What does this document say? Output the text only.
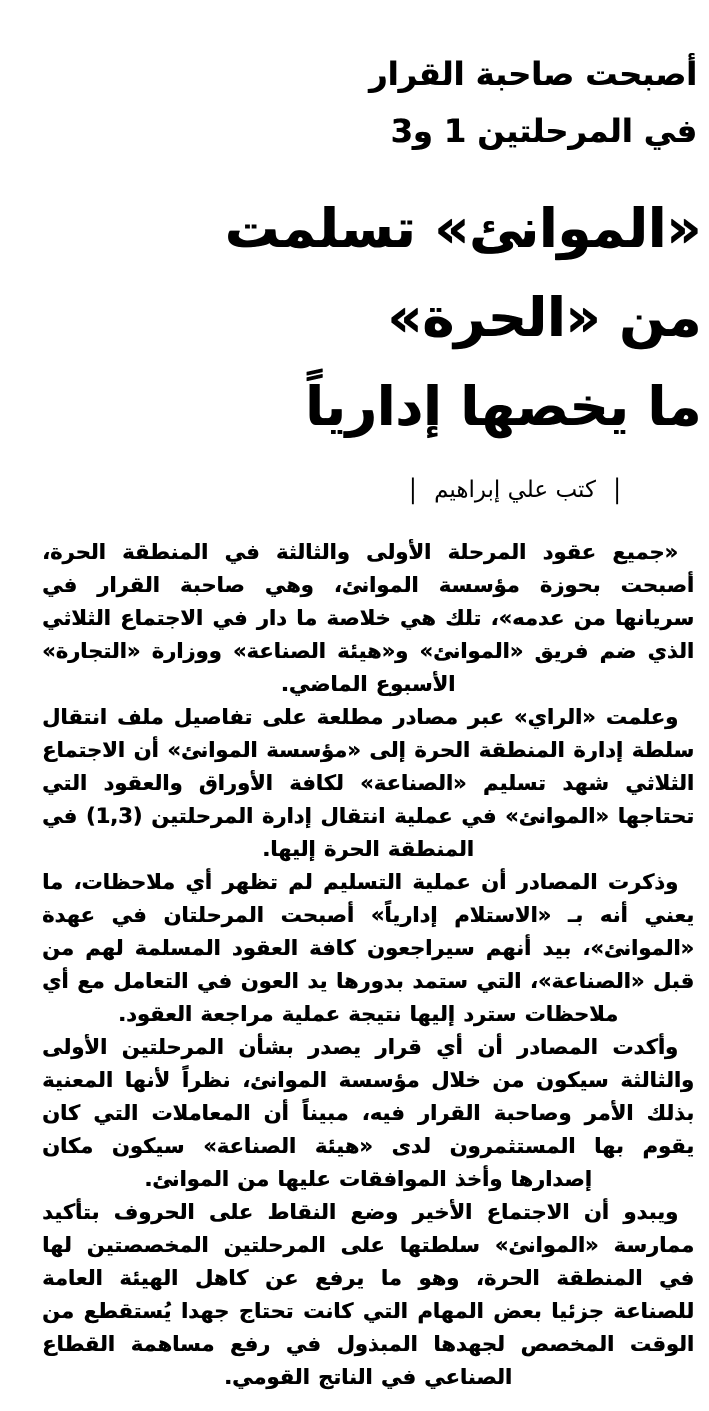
أصبحت صاحبة القرار
في المرحلتين 1 و3
«الموانئ» تسلمت
من «الحرة»
ما يخصها إدارياً
| كتب علي إبراهيم |

«جميع عقود المرحلة الأولى والثالثة في المنطقة الحرة، أصبحت بحوزة مؤسسة الموانئ، وهي صاحبة القرار في سريانها من عدمه»، تلك هي خلاصة ما دار في الاجتماع الثلاثي الذي ضم فريق «الموانئ» و«هيئة الصناعة» ووزارة «التجارة» الأسبوع الماضي.

وعلمت «الراي» عبر مصادر مطلعة على تفاصيل ملف انتقال سلطة إدارة المنطقة الحرة إلى «مؤسسة الموانئ» أن الاجتماع الثلاثي شهد تسليم «الصناعة» لكافة الأوراق والعقود التي تحتاجها «الموانئ» في عملية انتقال إدارة المرحلتين (1,3) في المنطقة الحرة إليها.

وذكرت المصادر أن عملية التسليم لم تظهر أي ملاحظات، ما يعني أنه بـ «الاستلام إدارياً» أصبحت المرحلتان في عهدة «الموانئ»، بيد أنهم سيراجعون كافة العقود المسلمة لهم من قبل «الصناعة»، التي ستمد بدورها يد العون في التعامل مع أي ملاحظات سترد إليها نتيجة عملية مراجعة العقود.

وأكدت المصادر أن أي قرار يصدر بشأن المرحلتين الأولى والثالثة سيكون من خلال مؤسسة الموانئ، نظراً لأنها المعنية بذلك الأمر وصاحبة القرار فيه، مبيناً أن المعاملات التي كان يقوم بها المستثمرون لدى «هيئة الصناعة» سيكون مكان إصدارها وأخذ الموافقات عليها من الموانئ.

ويبدو أن الاجتماع الأخير وضع النقاط على الحروف بتأكيد ممارسة «الموانئ» سلطتها على المرحلتين المخصصتين لها في المنطقة الحرة، وهو ما يرفع عن كاهل الهيئة العامة للصناعة جزئيا بعض المهام التي كانت تحتاج جهدا يُستقطع من الوقت المخصص لجهدها المبذول في رفع مساهمة القطاع الصناعي في الناتج القومي.
